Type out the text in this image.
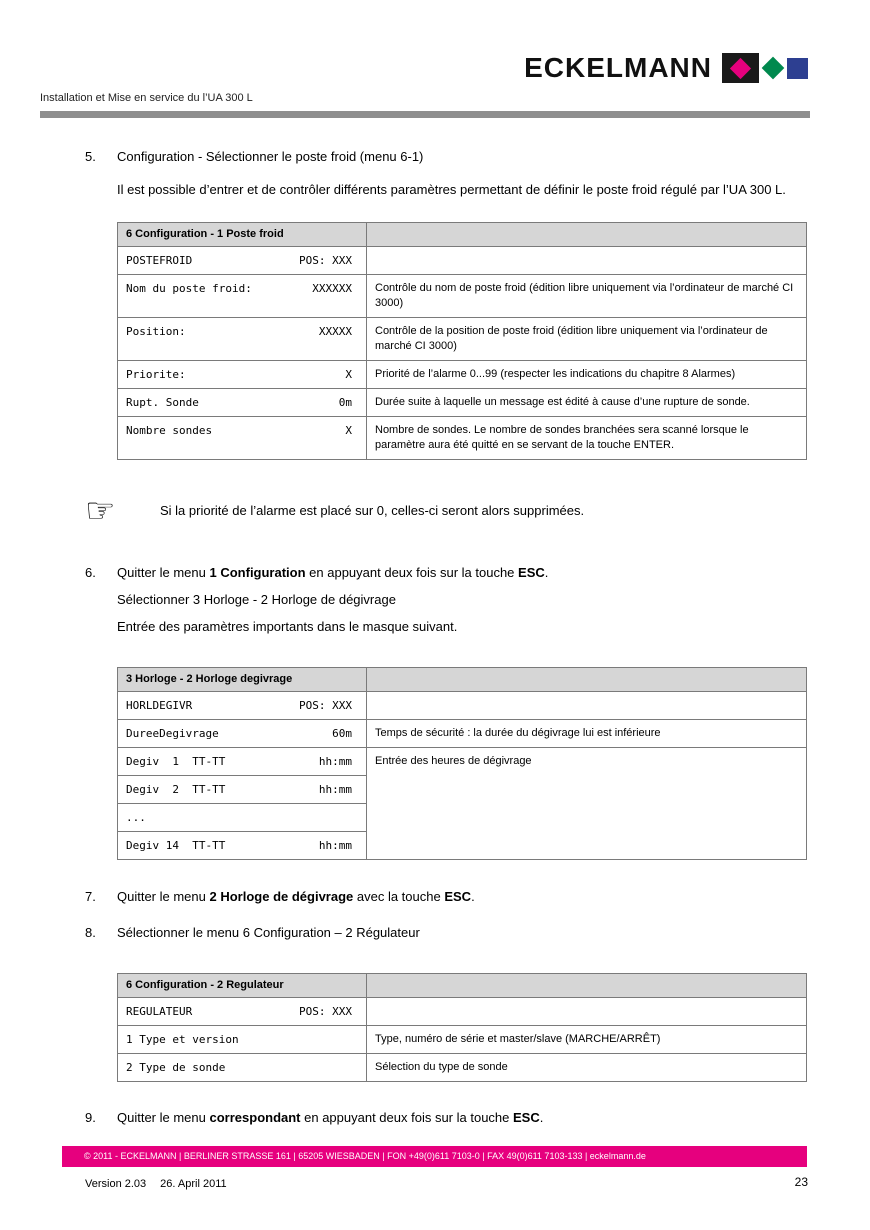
ECKELMANN
Installation et Mise en service du l’UA 300 L
5.	Configuration - Sélectionner le poste froid (menu 6-1)
Il est possible d’entrer et de contrôler différents paramètres permettant de définir le poste froid régulé par l’UA 300 L.
6 Configuration - 1 Poste froid	

POSTEFROID POS: XXX	

Nom du poste froid: XXXXXX	Contrôle du nom de poste froid (édition libre uniquement via l’ordinateur de marché CI 3000)

Position: XXXXX	Contrôle de la position de poste froid (édition libre uniquement via l’ordinateur de marché CI 3000)

Priorite: X	Priorité de l’alarme 0...99 (respecter les indications du chapitre 8 Alarmes)

Rupt. Sonde 0m	Durée suite à laquelle un message est édité à cause d’une rupture de sonde.

Nombre sondes X	Nombre de sondes. Le nombre de sondes branchées sera scanné lorsque le paramètre aura été quitté en se servant de la touche ENTER.
☞	Si la priorité de l’alarme est placé sur 0, celles-ci seront alors supprimées.
6.	Quitter le menu 1 Configuration en appuyant deux fois sur la touche ESC.
Sélectionner 3 Horloge - 2 Horloge de dégivrage
Entrée des paramètres importants dans le masque suivant.
3 Horloge - 2 Horloge degivrage	

HORLDEGIVR POS: XXX	

DureeDegivrage 60m	Temps de sécurité : la durée du dégivrage lui est inférieure

Degiv  1  TT-TT hh:mm	Entrée des heures de dégivrage

Degiv  2  TT-TT hh:mm	

...	

Degiv 14  TT-TT hh:mm	
7.	Quitter le menu 2 Horloge de dégivrage avec la touche ESC.
8.	Sélectionner le menu 6 Configuration – 2 Régulateur
6 Configuration - 2 Regulateur	

REGULATEUR POS: XXX	

1 Type et version	Type, numéro de série et master/slave (MARCHE/ARRÊT)

2 Type de sonde	Sélection du type de sonde
9.	Quitter le menu correspondant en appuyant deux fois sur la touche ESC.
© 2011 - ECKELMANN | BERLINER STRASSE 161 | 65205 WIESBADEN | FON +49(0)611 7103-0 | FAX 49(0)611 7103-133 | eckelmann.de
Version 2.03 26. April 2011	23
